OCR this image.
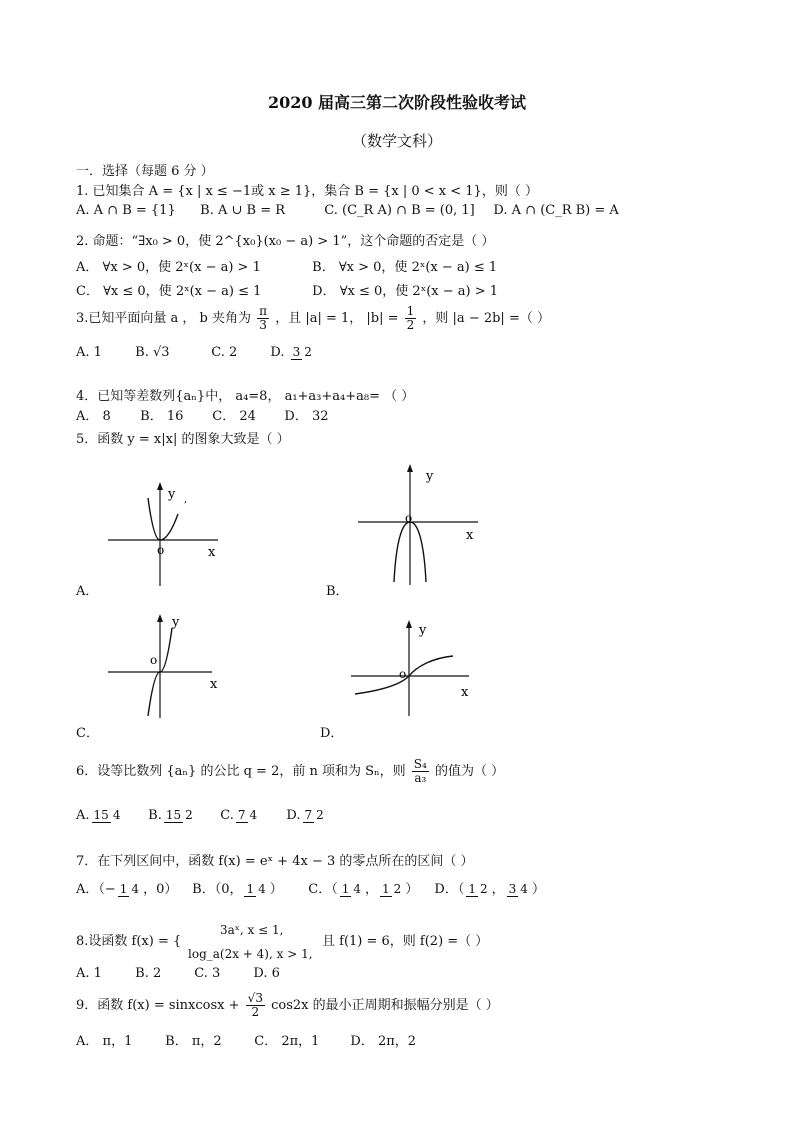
2020 届高三第二次阶段性验收考试
（数学文科）
一．选择（每题 6 分 ）
1. 已知集合 A = {x | x ≤ −1或 x ≥ 1}，集合 B = {x | 0 < x < 1}，则（ ）
A. A ∩ B = {1} B. A ∪ B = R	C. (C_R A) ∩ B = (0, 1] D. A ∩ (C_R B) = A
2. 命题：“∃x₀ > 0，使 2^{x₀}(x₀ − a) > 1”，这个命题的否定是（ ）
A． ∀x > 0，使 2ˣ(x − a) > 1	B． ∀x > 0，使 2ˣ(x − a) ≤ 1
C． ∀x ≤ 0，使 2ˣ(x − a) ≤ 1	D． ∀x ≤ 0，使 2ˣ(x − a) > 1
3.已知平面向量 a ， b 夹角为 $\frac{\pi}{3}$ ，且 |a| = 1， $|b| = \frac{1}{2}$ ，则 |a − 2b| =（ ）
A. 1	B. √3	C. 2	D. 3 2
4．已知等差数列{aₙ}中， a₄=8， a₁+a₃+a₄+a₈= （ ）
A． 8 B． 16 C． 24 D． 32
5．函数 y = x|x| 的图象大致是（ ）
y ,
o	x
A．
y
o
x
B．
y
o
x
C．
y
o
x
D．
6．设等比数列 {aₙ} 的公比 q = 2，前 n 项和为 Sₙ，则 $\frac{\text{S₄}}{\text{a₃}}$ 的值为（ ）
A. 15 4 B. 15 2 C. 7 4 D. 7 2
7．在下列区间中，函数 f(x) = eˣ + 4x − 3 的零点所在的区间（ ）
A．（− 1 4 ，0） B．（0， 1 4 ） C．（ 1 4 ， 1 2 ） D．（ 1 2 ， 3 4 ）
8.设函数 f(x) = {
3aˣ, x ≤ 1,
log_a(2x + 4), x > 1,
且 f(1) = 6，则 f(2) =（ ）
A. 1	B. 2	C. 3	D. 6
9．函数 f(x) = sinxcosx + $\frac{√3}{2} \cos 2x$ 的最小正周期和振幅分别是（ ）
A． π，1	B． π，2	C． 2π，1 D． 2π，2
